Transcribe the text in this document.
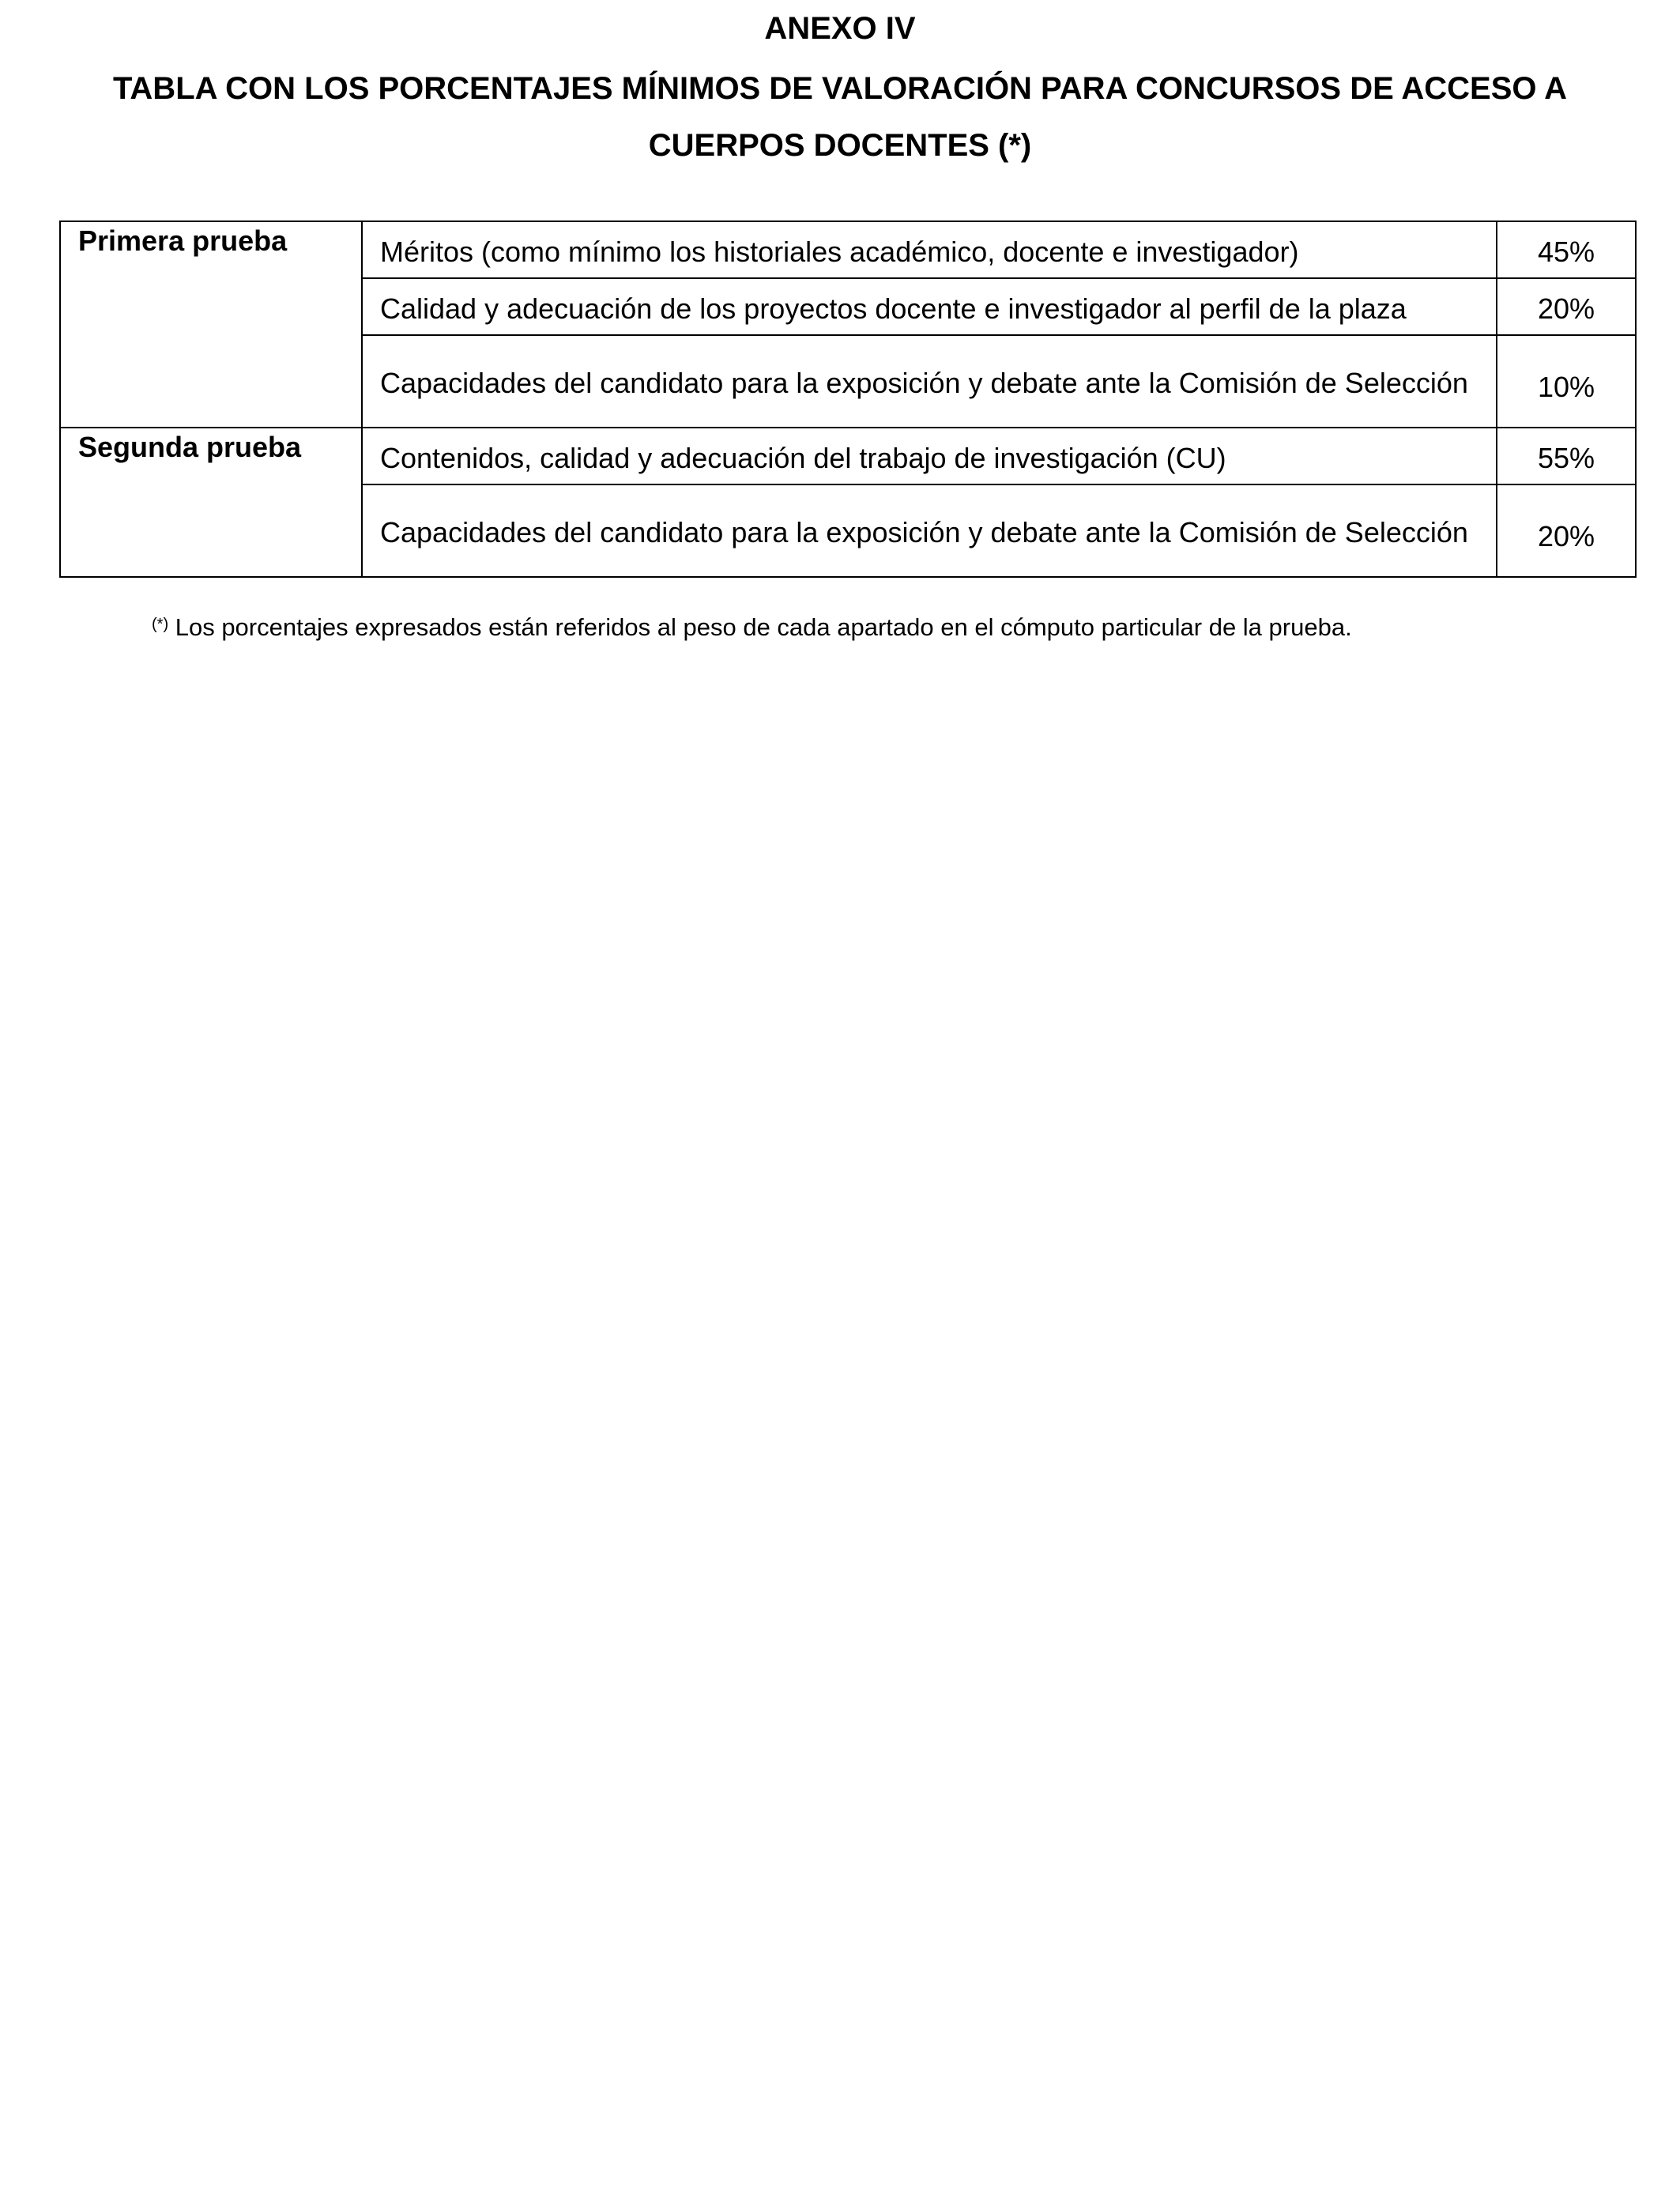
ANEXO IV

TABLA CON LOS PORCENTAJES MÍNIMOS DE VALORACIÓN PARA CONCURSOS DE ACCESO A

CUERPOS DOCENTES (*)

Primera prueba	Méritos (como mínimo los historiales académico, docente e investigador)	45%
	Calidad y adecuación de los proyectos docente e investigador al perfil de la plaza	20%
	Capacidades del candidato para la exposición y debate ante la Comisión de Selección	10%

Segunda prueba	Contenidos, calidad y adecuación del trabajo de investigación (CU)	55%
	Capacidades del candidato para la exposición y debate ante la Comisión de Selección	20%
(*) Los porcentajes expresados están referidos al peso de cada apartado en el cómputo particular de la prueba.
